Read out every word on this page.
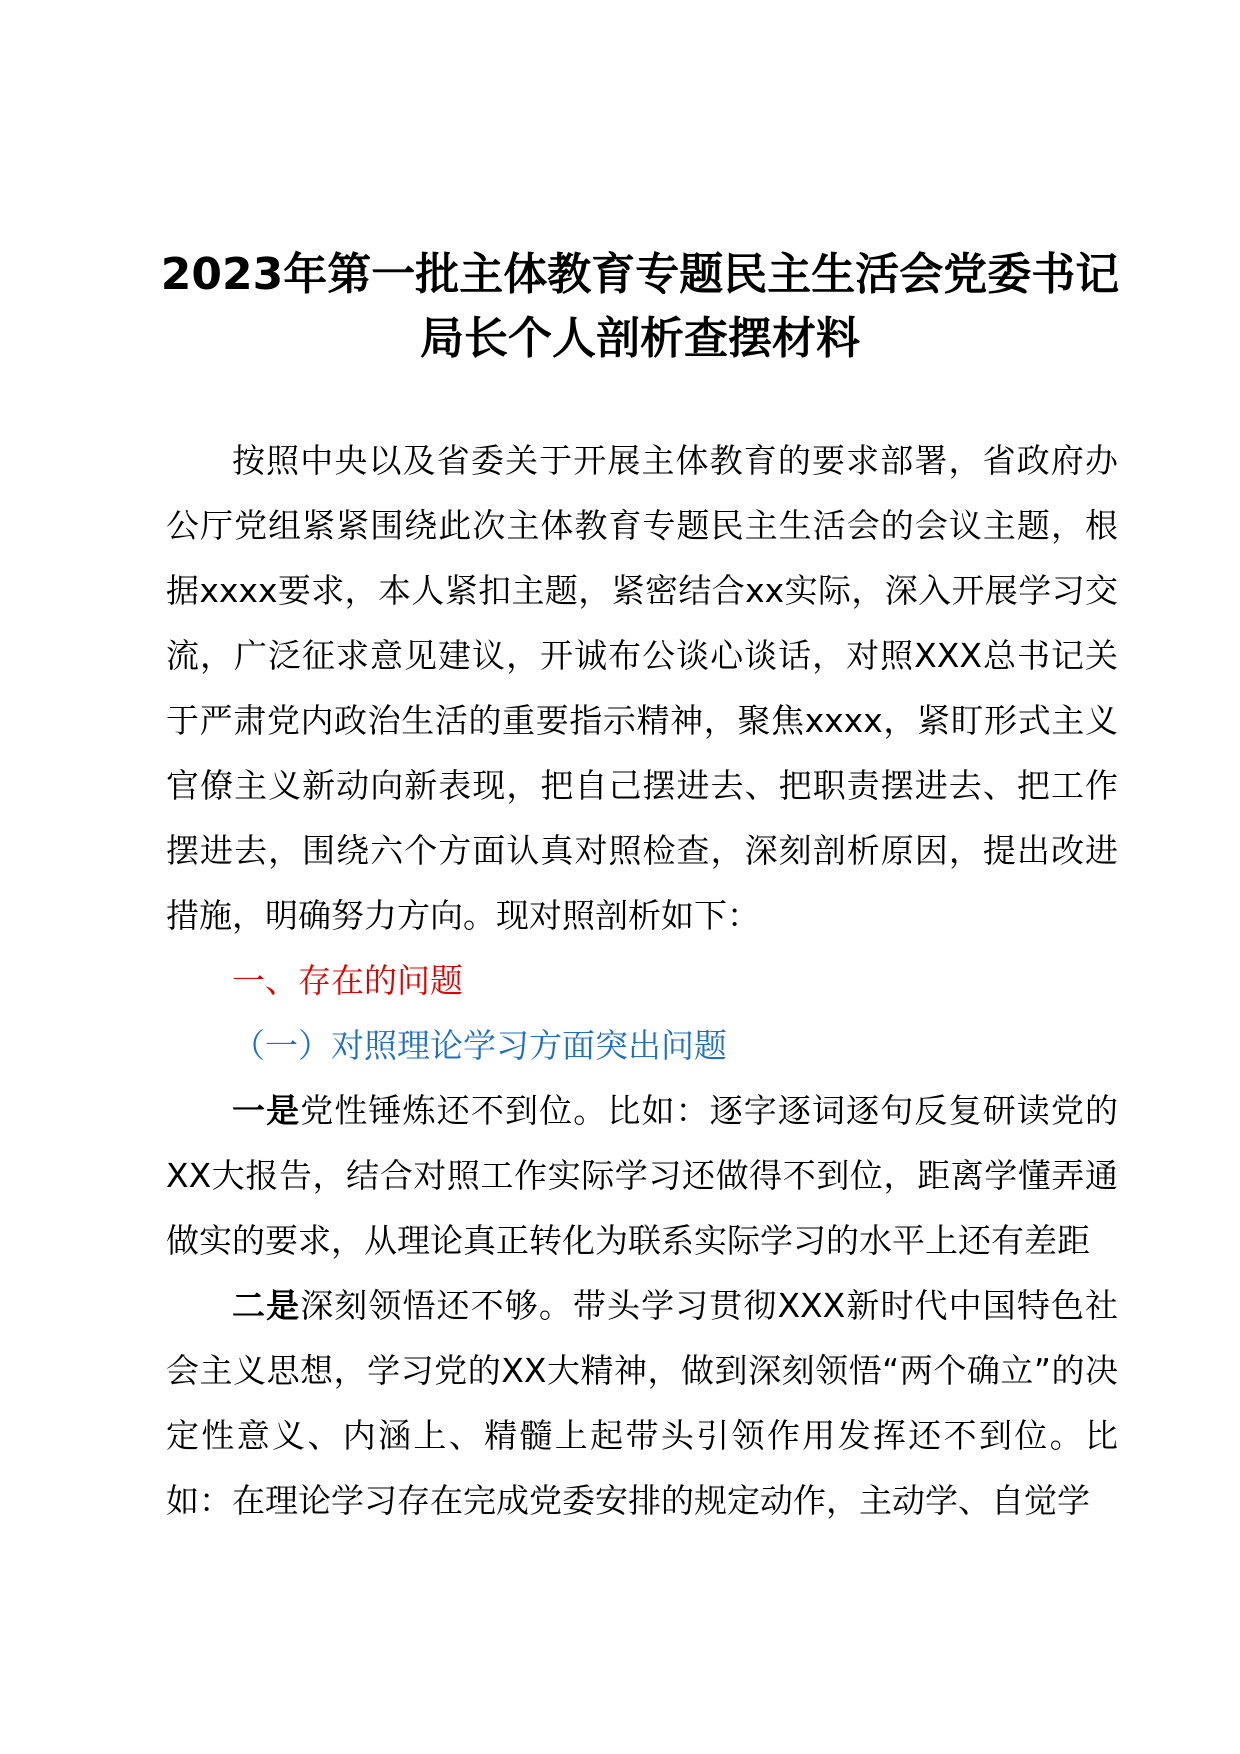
2023年第一批主体教育专题民主生活会党委书记局长个人剖析查摆材料

按照中央以及省委关于开展主体教育的要求部署，省政府办公厅党组紧紧围绕此次主体教育专题民主生活会的会议主题，根据xxxx要求，本人紧扣主题，紧密结合xx实际，深入开展学习交流，广泛征求意见建议，开诚布公谈心谈话，对照XXX总书记关于严肃党内政治生活的重要指示精神，聚焦xxxx，紧盯形式主义官僚主义新动向新表现，把自己摆进去、把职责摆进去、把工作摆进去，围绕六个方面认真对照检查，深刻剖析原因，提出改进措施，明确努力方向。现对照剖析如下：

一、存在的问题

（一）对照理论学习方面突出问题

一是党性锤炼还不到位。比如：逐字逐词逐句反复研读党的XX大报告，结合对照工作实际学习还做得不到位，距离学懂弄通做实的要求，从理论真正转化为联系实际学习的水平上还有差距

二是深刻领悟还不够。带头学习贯彻XXX新时代中国特色社会主义思想，学习党的XX大精神，做到深刻领悟“两个确立”的决定性意义、内涵上、精髓上起带头引领作用发挥还不到位。比如：在理论学习存在完成党委安排的规定动作，主动学、自觉学
